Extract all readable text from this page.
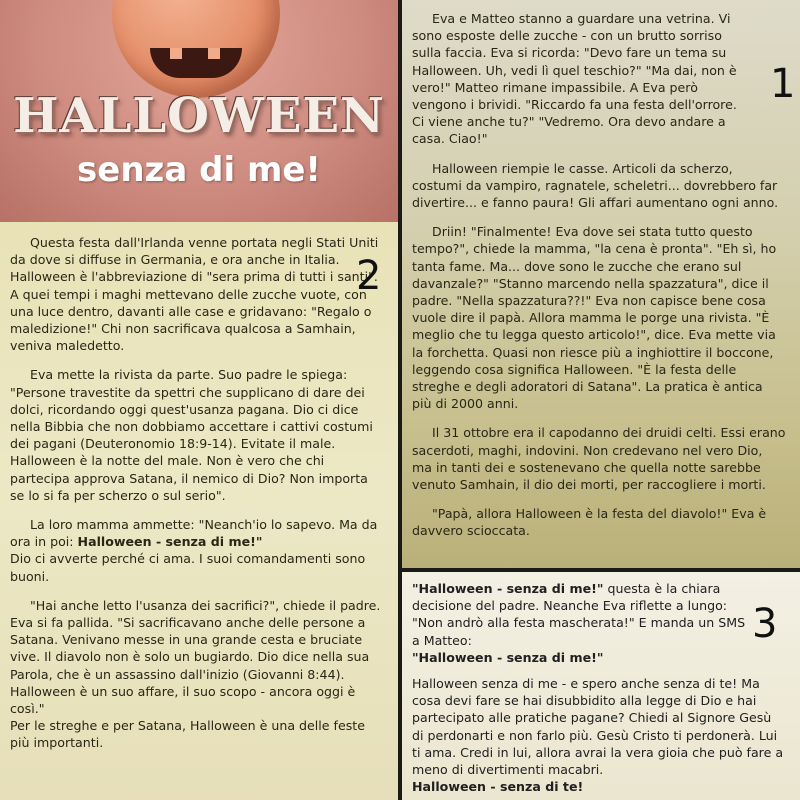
HALLOWEEN
senza di me!

Questa festa dall'Irlanda venne portata negli Stati Uniti da dove si diffuse in Germania, e ora anche in Italia. Halloween è l'abbreviazione di "sera prima di tutti i santi". A quei tempi i maghi mettevano delle zucche vuote, con una luce dentro, davanti alle case e gridavano: "Regalo o maledizione!" Chi non sacrificava qualcosa a Samhain, veniva maledetto.

Eva mette la rivista da parte. Suo padre le spiega: "Persone travestite da spettri che supplicano di dare dei dolci, ricordando oggi quest'usanza pagana. Dio ci dice nella Bibbia che non dobbiamo accettare i cattivi costumi dei pagani (Deuteronomio 18:9-14). Evitate il male. Halloween è la notte del male. Non è vero che chi partecipa approva Satana, il nemico di Dio? Non importa se lo si fa per scherzo o sul serio".

La loro mamma ammette: "Neanch'io lo sapevo. Ma da ora in poi: Halloween - senza di me!"
Dio ci avverte perché ci ama. I suoi comandamenti sono buoni.

"Hai anche letto l'usanza dei sacrifici?", chiede il padre. Eva si fa pallida. "Si sacrificavano anche delle persone a Satana. Venivano messe in una grande cesta e bruciate vive. Il diavolo non è solo un bugiardo. Dio dice nella sua Parola, che è un assassino dall'inizio (Giovanni 8:44). Halloween è un suo affare, il suo scopo - ancora oggi è così."

Per le streghe e per Satana, Halloween è una delle feste più importanti.

Eva e Matteo stanno a guardare una vetrina. Vi sono esposte delle zucche - con un brutto sorriso sulla faccia. Eva si ricorda: "Devo fare un tema su Halloween. Uh, vedi lì quel teschio?" "Ma dai, non è vero!" Matteo rimane impassibile. A Eva però vengono i brividi. "Riccardo fa una festa dell'orrore. Ci viene anche tu?" "Vedremo. Ora devo andare a casa. Ciao!"

Halloween riempie le casse. Articoli da scherzo, costumi da vampiro, ragnatele, scheletri... dovrebbero far divertire... e fanno paura! Gli affari aumentano ogni anno.

Driin! "Finalmente! Eva dove sei stata tutto questo tempo?", chiede la mamma, "la cena è pronta". "Eh sì, ho tanta fame. Ma... dove sono le zucche che erano sul davanzale?" "Stanno marcendo nella spazzatura", dice il padre. "Nella spazzatura??!" Eva non capisce bene cosa vuole dire il papà. Allora mamma le porge una rivista. "È meglio che tu legga questo articolo!", dice. Eva mette via la forchetta. Quasi non riesce più a inghiottire il boccone, leggendo cosa significa Halloween. "È la festa delle streghe e degli adoratori di Satana". La pratica è antica più di 2000 anni.

Il 31 ottobre era il capodanno dei druidi celti. Essi erano sacerdoti, maghi, indovini. Non credevano nel vero Dio, ma in tanti dei e sostenevano che quella notte sarebbe venuto Samhain, il dio dei morti, per raccogliere i morti.

"Papà, allora Halloween è la festa del diavolo!" Eva è davvero scioccata.

"Halloween - senza di me!" questa è la chiara decisione del padre. Neanche Eva riflette a lungo: "Non andrò alla festa mascherata!" E manda un SMS a Matteo:
"Halloween - senza di me!"

Halloween senza di me - e spero anche senza di te! Ma cosa devi fare se hai disubbidito alla legge di Dio e hai partecipato alle pratiche pagane? Chiedi al Signore Gesù di perdonarti e non farlo più. Gesù Cristo ti perdonerà. Lui ti ama. Credi in lui, allora avrai la vera gioia che può fare a meno di divertimenti macabri.

Halloween - senza di te!

1
2
3
